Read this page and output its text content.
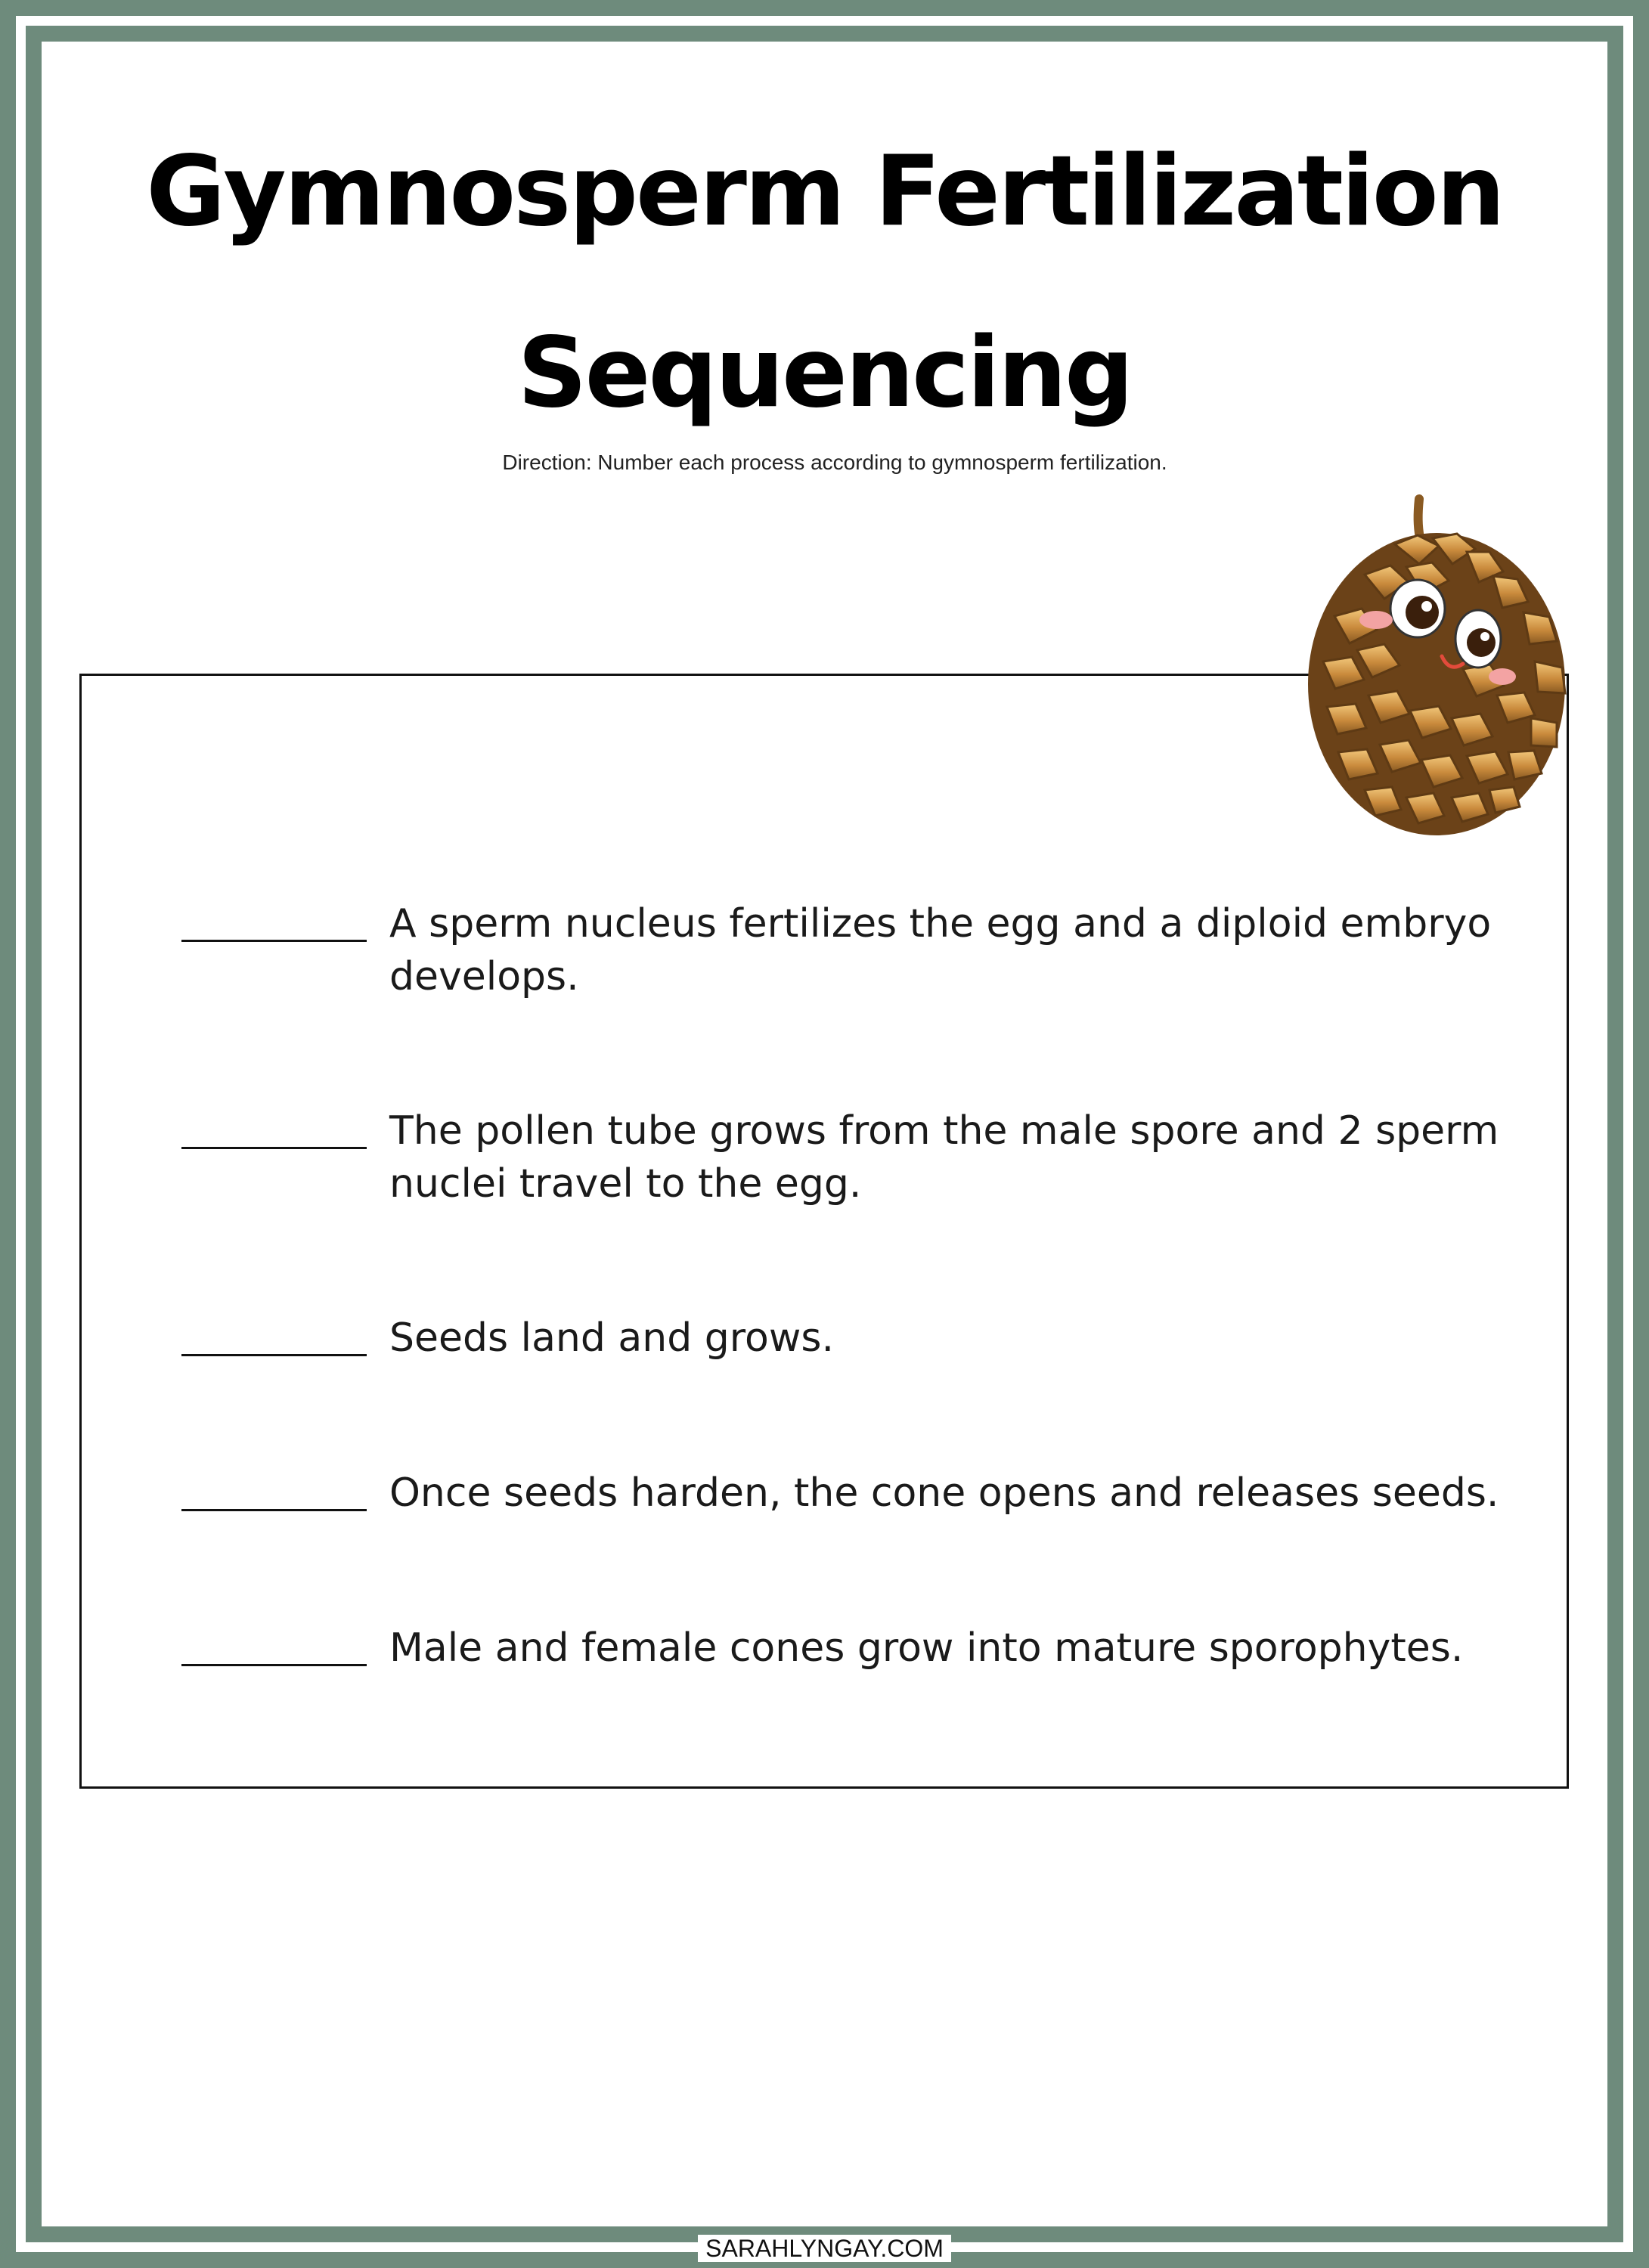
Gymnosperm Fertilization
Sequencing
Direction: Number each process according to gymnosperm fertilization.
A sperm nucleus fertilizes the egg and a diploid embryo develops.
The pollen tube grows from the male spore and 2 sperm nuclei travel to the egg.
Seeds land and grows.
Once seeds harden, the cone opens and releases seeds.
Male and female cones grow into mature sporophytes.
SARAHLYNGAY.COM
